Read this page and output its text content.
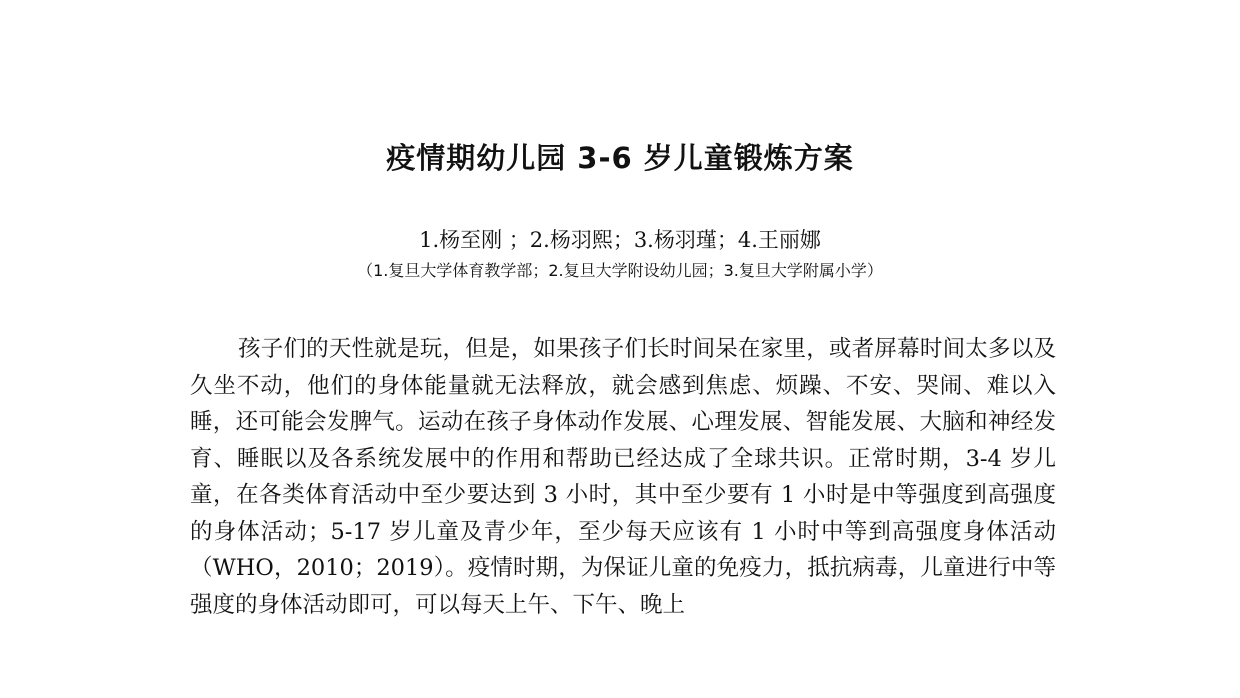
疫情期幼儿园 3-6 岁儿童锻炼方案
1.杨至刚 ；2.杨羽熙；3.杨羽瑾；4.王丽娜
（1.复旦大学体育教学部；2.复旦大学附设幼儿园；3.复旦大学附属小学）

孩子们的天性就是玩，但是，如果孩子们长时间呆在家里，或者屏幕时间太多以及久坐不动，他们的身体能量就无法释放，就会感到焦虑、烦躁、不安、哭闹、难以入睡，还可能会发脾气。运动在孩子身体动作发展、心理发展、智能发展、大脑和神经发育、睡眠以及各系统发展中的作用和帮助已经达成了全球共识。正常时期，3-4 岁儿童，在各类体育活动中至少要达到 3 小时，其中至少要有 1 小时是中等强度到高强度的身体活动；5-17 岁儿童及青少年，至少每天应该有 1 小时中等到高强度身体活动（WHO，2010；2019）。疫情时期，为保证儿童的免疫力，抵抗病毒，儿童进行中等强度的身体活动即可，可以每天上午、下午、晚上
